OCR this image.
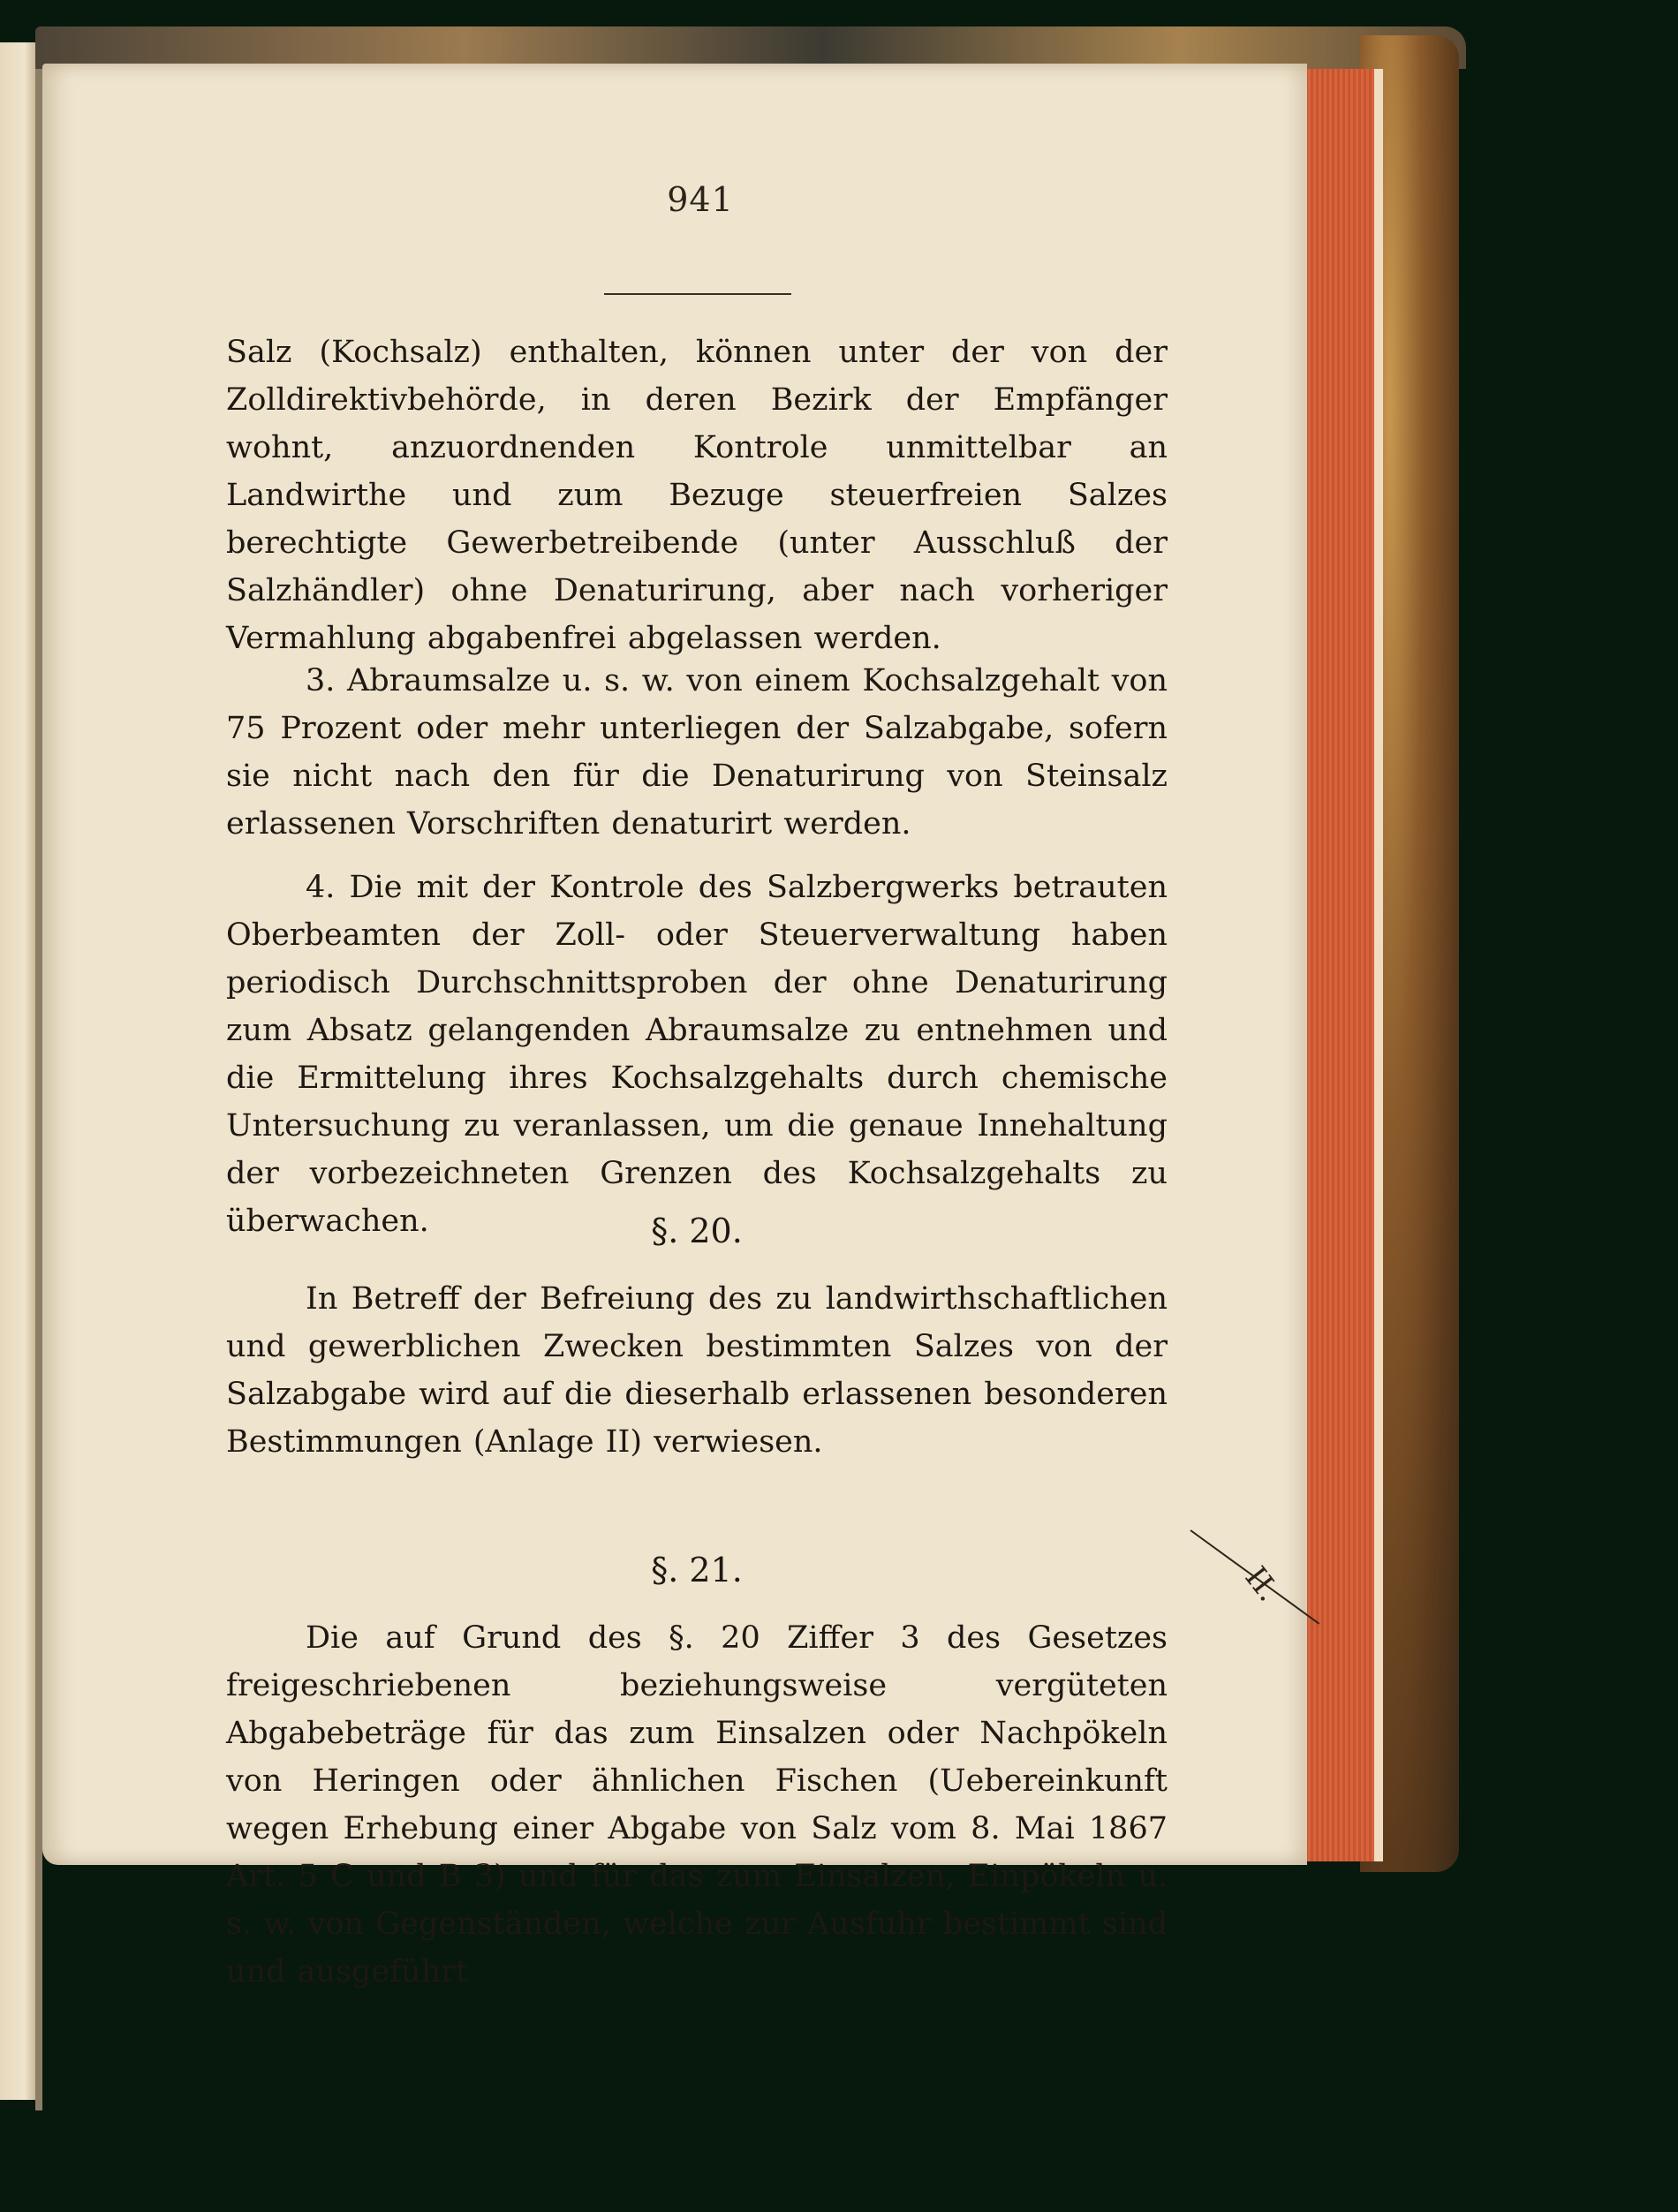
941

Salz (Kochsalz) enthalten, können unter der von der Zolldirektivbehörde, in deren Bezirk der Empfänger wohnt, anzuordnenden Kontrole unmittelbar an Landwirthe und zum Bezuge steuerfreien Salzes berechtigte Gewerbetreibende (unter Ausschluß der Salzhändler) ohne Denaturirung, aber nach vorheriger Vermahlung abgabenfrei abgelassen werden.

3. Abraumsalze u. s. w. von einem Kochsalzgehalt von 75 Prozent oder mehr unterliegen der Salzabgabe, sofern sie nicht nach den für die Denaturirung von Steinsalz erlassenen Vorschriften denaturirt werden.

4. Die mit der Kontrole des Salzbergwerks betrauten Oberbeamten der Zoll- oder Steuerverwaltung haben periodisch Durchschnittsproben der ohne Denaturirung zum Absatz gelangenden Abraumsalze zu entnehmen und die Ermittelung ihres Kochsalzgehalts durch chemische Untersuchung zu veranlassen, um die genaue Innehaltung der vorbezeichneten Grenzen des Kochsalzgehalts zu überwachen.	§. 20.

In Betreff der Befreiung des zu landwirthschaftlichen und gewerblichen Zwecken bestimmten Salzes von der Salzabgabe wird auf die dieserhalb erlassenen besonderen Bestimmungen (Anlage II) verwiesen.

§. 21.

Die auf Grund des §. 20 Ziffer 3 des Gesetzes freigeschriebenen beziehungsweise vergüteten Abgabebeträge für das zum Einsalzen oder Nachpökeln von Heringen oder ähnlichen Fischen (Uebereinkunft wegen Erhebung einer Abgabe von Salz vom 8. Mai 1867 Art. 5 C und B 3) und für das zum Einsalzen, Einpökeln u. s. w. von Gegenständen, welche zur Ausfuhr bestimmt sind und ausgeführt

II.
